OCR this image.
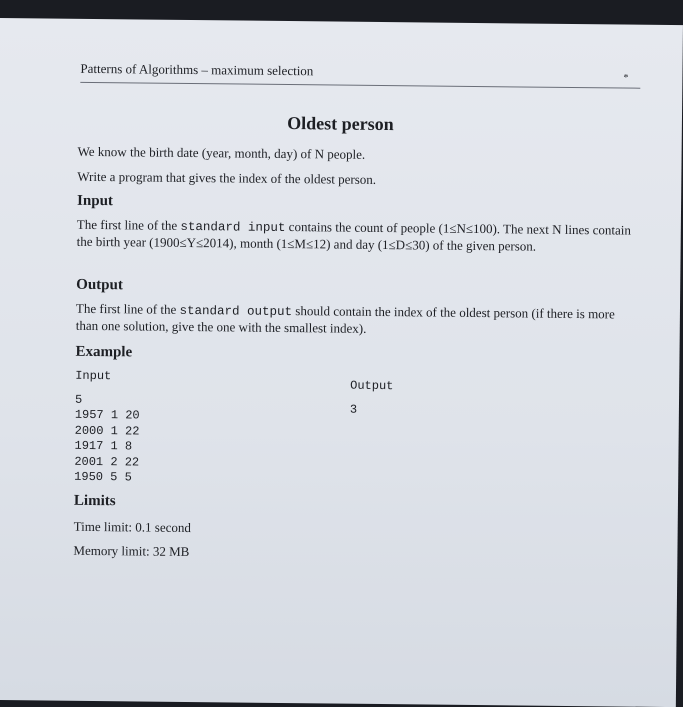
Patterns of Algorithms – maximum selection	*
Oldest person
We know the birth date (year, month, day) of N people.
Write a program that gives the index of the oldest person.
Input
The first line of the standard input contains the count of people (1≤N≤100). The next N lines contain the birth year (1900≤Y≤2014), month (1≤M≤12) and day (1≤D≤30) of the given person.
Output
The first line of the standard output should contain the index of the oldest person (if there is more than one solution, give the one with the smallest index).
Example
Input
5
1957 1 20
2000 1 22
1917 1 8
2001 2 22
1950 5 5
Output
3
Limits
Time limit: 0.1 second
Memory limit: 32 MB
